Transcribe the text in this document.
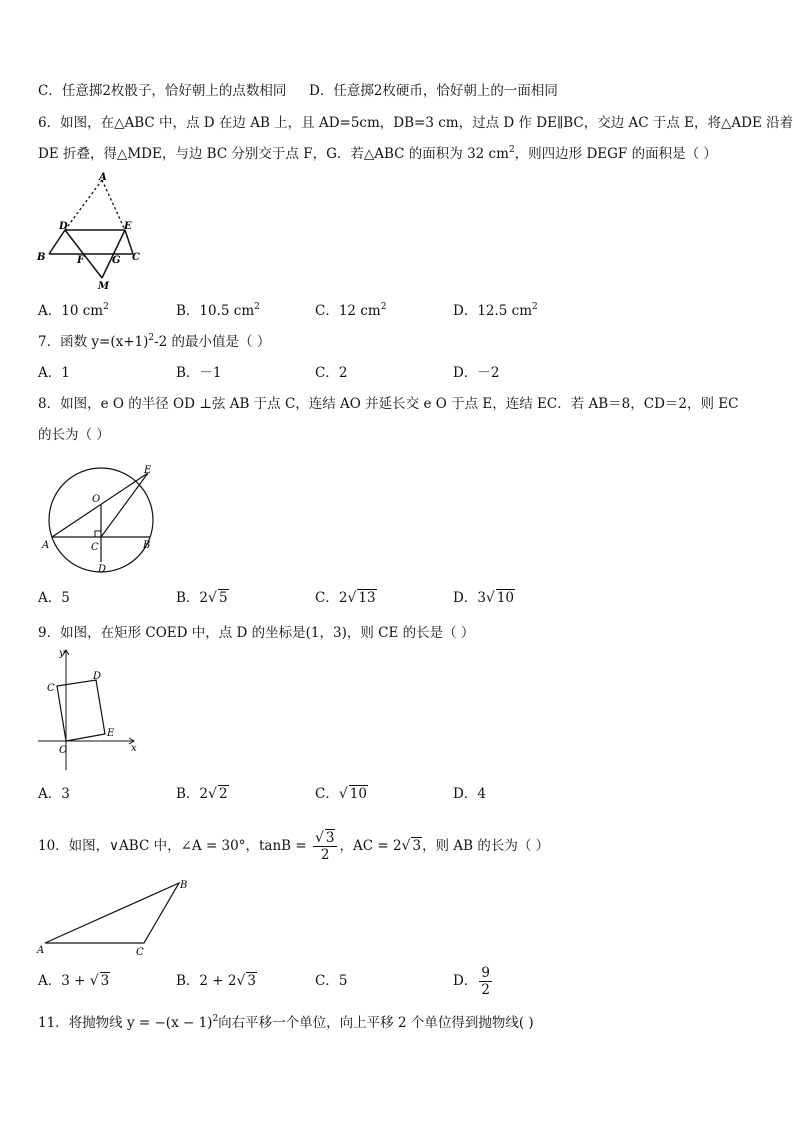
C．任意掷2枚骰子，恰好朝上的点数相同 D．任意掷2枚硬币，恰好朝上的一面相同
6．如图，在△ABC 中，点 D 在边 AB 上，且 AD=5cm，DB=3 cm，过点 D 作 DE∥BC，交边 AC 于点 E，将△ADE 沿着
DE 折叠，得△MDE，与边 BC 分别交于点 F，G．若△ABC 的面积为 32 $cm^2$，则四边形 DEGF 的面积是（ ）
A
D	E
B	F	G C
M
A．10 $cm^2$	B．10.5 $cm^2$	C．12 $cm^2$	D．12.5 $cm^2$
7．函数 $y=(x+1)^2-2$ 的最小值是（ ）
A．1	B．－1	C．2	D．－2
8．如图，e O 的半径 OD ⊥弦 AB 于点 C，连结 AO 并延长交 e O 于点 E，连结 EC．若 AB＝8，CD＝2，则 EC
的长为（ ）
E
O
A	C	B
D
A．5	B．2√ 5	C．2√ 13	D．3√ 10
9．如图，在矩形 COED 中，点 D 的坐标是(1，3)，则 CE 的长是（ ）
y
C
D
E
O	x
A．3	B．2√ 2	C．√ 10	D．4
10．如图，∨ABC 中，∠A = 30°，$\tan B = \frac{√ 3}{2}$ ，AC = 2√ 3，则 AB 的长为（ ）
B
A	C
A．3 + √ 3	B．2 + 2√ 3	C．5	D． $\frac{9}{2}$
11．将抛物线 $y = -(x - 1)^2$向右平移一个单位，向上平移 2 个单位得到抛物线( )
